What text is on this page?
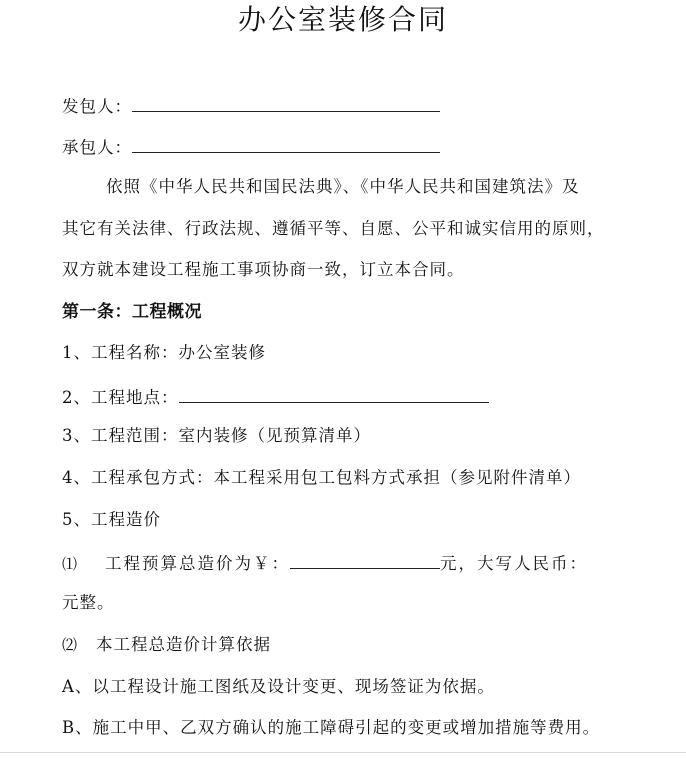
办公室装修合同
发包人：
承包人：
依照《中华人民共和国民法典》、《中华人民共和国建筑法》及
其它有关法律、行政法规、遵循平等、自愿、公平和诚实信用的原则，
双方就本建设工程施工事项协商一致，订立本合同。
第一条：工程概况
1、工程名称：办公室装修
2、工程地点：
3、工程范围：室内装修（见预算清单）
4、工程承包方式：本工程采用包工包料方式承担（参见附件清单）
5、工程造价
⑴ 工程预算总造价为￥：	元，大写人民币：
元整。
⑵ 本工程总造价计算依据
A、以工程设计施工图纸及设计变更、现场签证为依据。
B、施工中甲、乙双方确认的施工障碍引起的变更或增加措施等费用。
